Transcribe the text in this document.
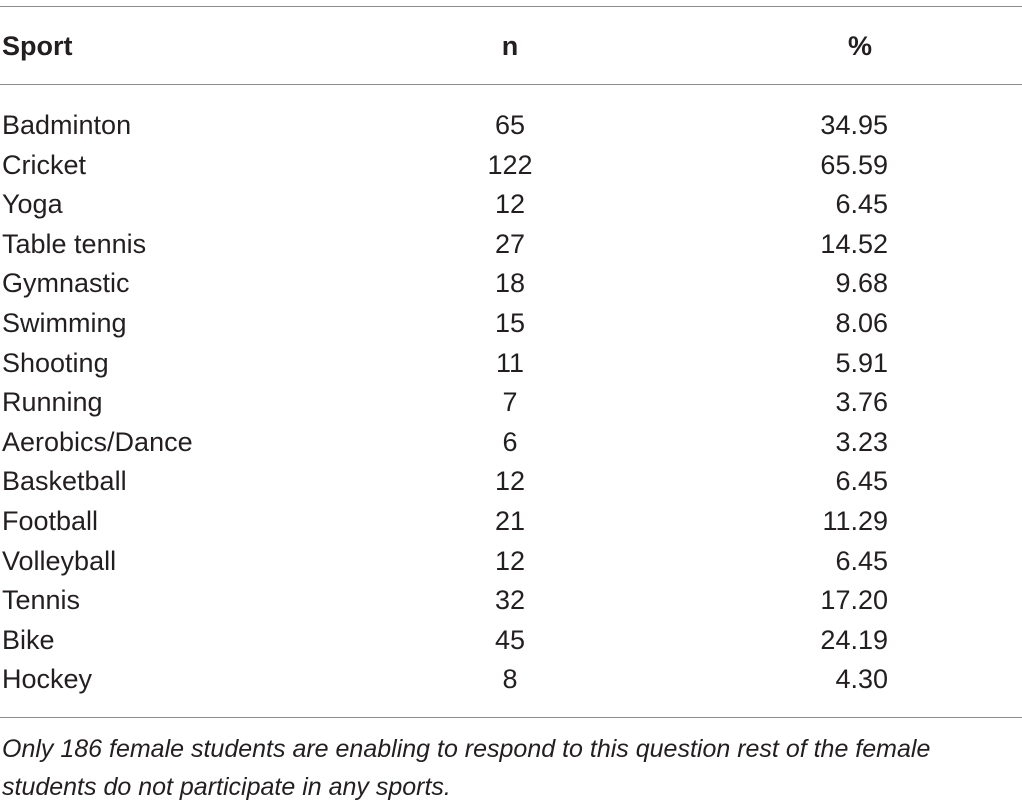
Sport	n	%
Badminton	65	34.95
Cricket	122	65.59
Yoga	12	6.45
Table tennis	27	14.52
Gymnastic	18	9.68
Swimming	15	8.06
Shooting	11	5.91
Running	7	3.76
Aerobics/Dance	6	3.23
Basketball	12	6.45
Football	21	11.29
Volleyball	12	6.45
Tennis	32	17.20
Bike	45	24.19
Hockey	8	4.30
Only 186 female students are enabling to respond to this question rest of the female students do not participate in any sports.
